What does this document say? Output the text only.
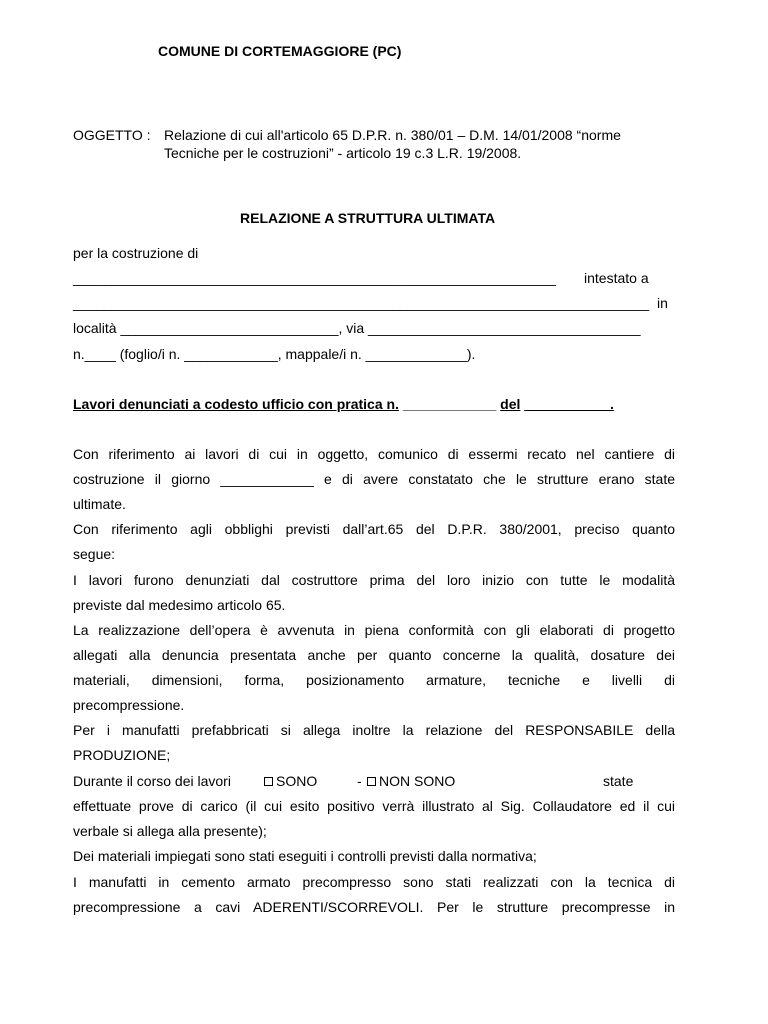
COMUNE DI CORTEMAGGIORE (PC)
OGGETTO : Relazione di cui all'articolo 65 D.P.R. n. 380/01 – D.M. 14/01/2008 “norme
Tecniche per le costruzioni” - articolo 19 c.3 L.R. 19/2008.
RELAZIONE A STRUTTURA ULTIMATA
per la costruzione di
______________________________________________________________ intestato a
__________________________________________________________________________ in
località ____________________________, via ___________________________________
n.____ (foglio/i n. ____________, mappale/i n. _____________).
Lavori denunciati a codesto ufficio con pratica n. ____________ del ___________.
Con riferimento ai lavori di cui in oggetto, comunico di essermi recato nel cantiere di
costruzione il giorno ____________ e di avere constatato che le strutture erano state
ultimate.
Con riferimento agli obblighi previsti dall’art.65 del D.P.R. 380/2001, preciso quanto
segue:
I lavori furono denunziati dal costruttore prima del loro inizio con tutte le modalità
previste dal medesimo articolo 65.
La realizzazione dell’opera è avvenuta in piena conformità con gli elaborati di progetto
allegati alla denuncia presentata anche per quanto concerne la qualità, dosature dei
materiali, dimensioni, forma, posizionamento armature, tecniche e livelli di
precompressione.
Per i manufatti prefabbricati si allega inoltre la relazione del RESPONSABILE della
PRODUZIONE;
Durante il corso dei lavori	SONO	-	NON SONO	state
effettuate prove di carico (il cui esito positivo verrà illustrato al Sig. Collaudatore ed il cui
verbale si allega alla presente);
Dei materiali impiegati sono stati eseguiti i controlli previsti dalla normativa;
I manufatti in cemento armato precompresso sono stati realizzati con la tecnica di
precompressione a cavi ADERENTI/SCORREVOLI. Per le strutture precompresse in
